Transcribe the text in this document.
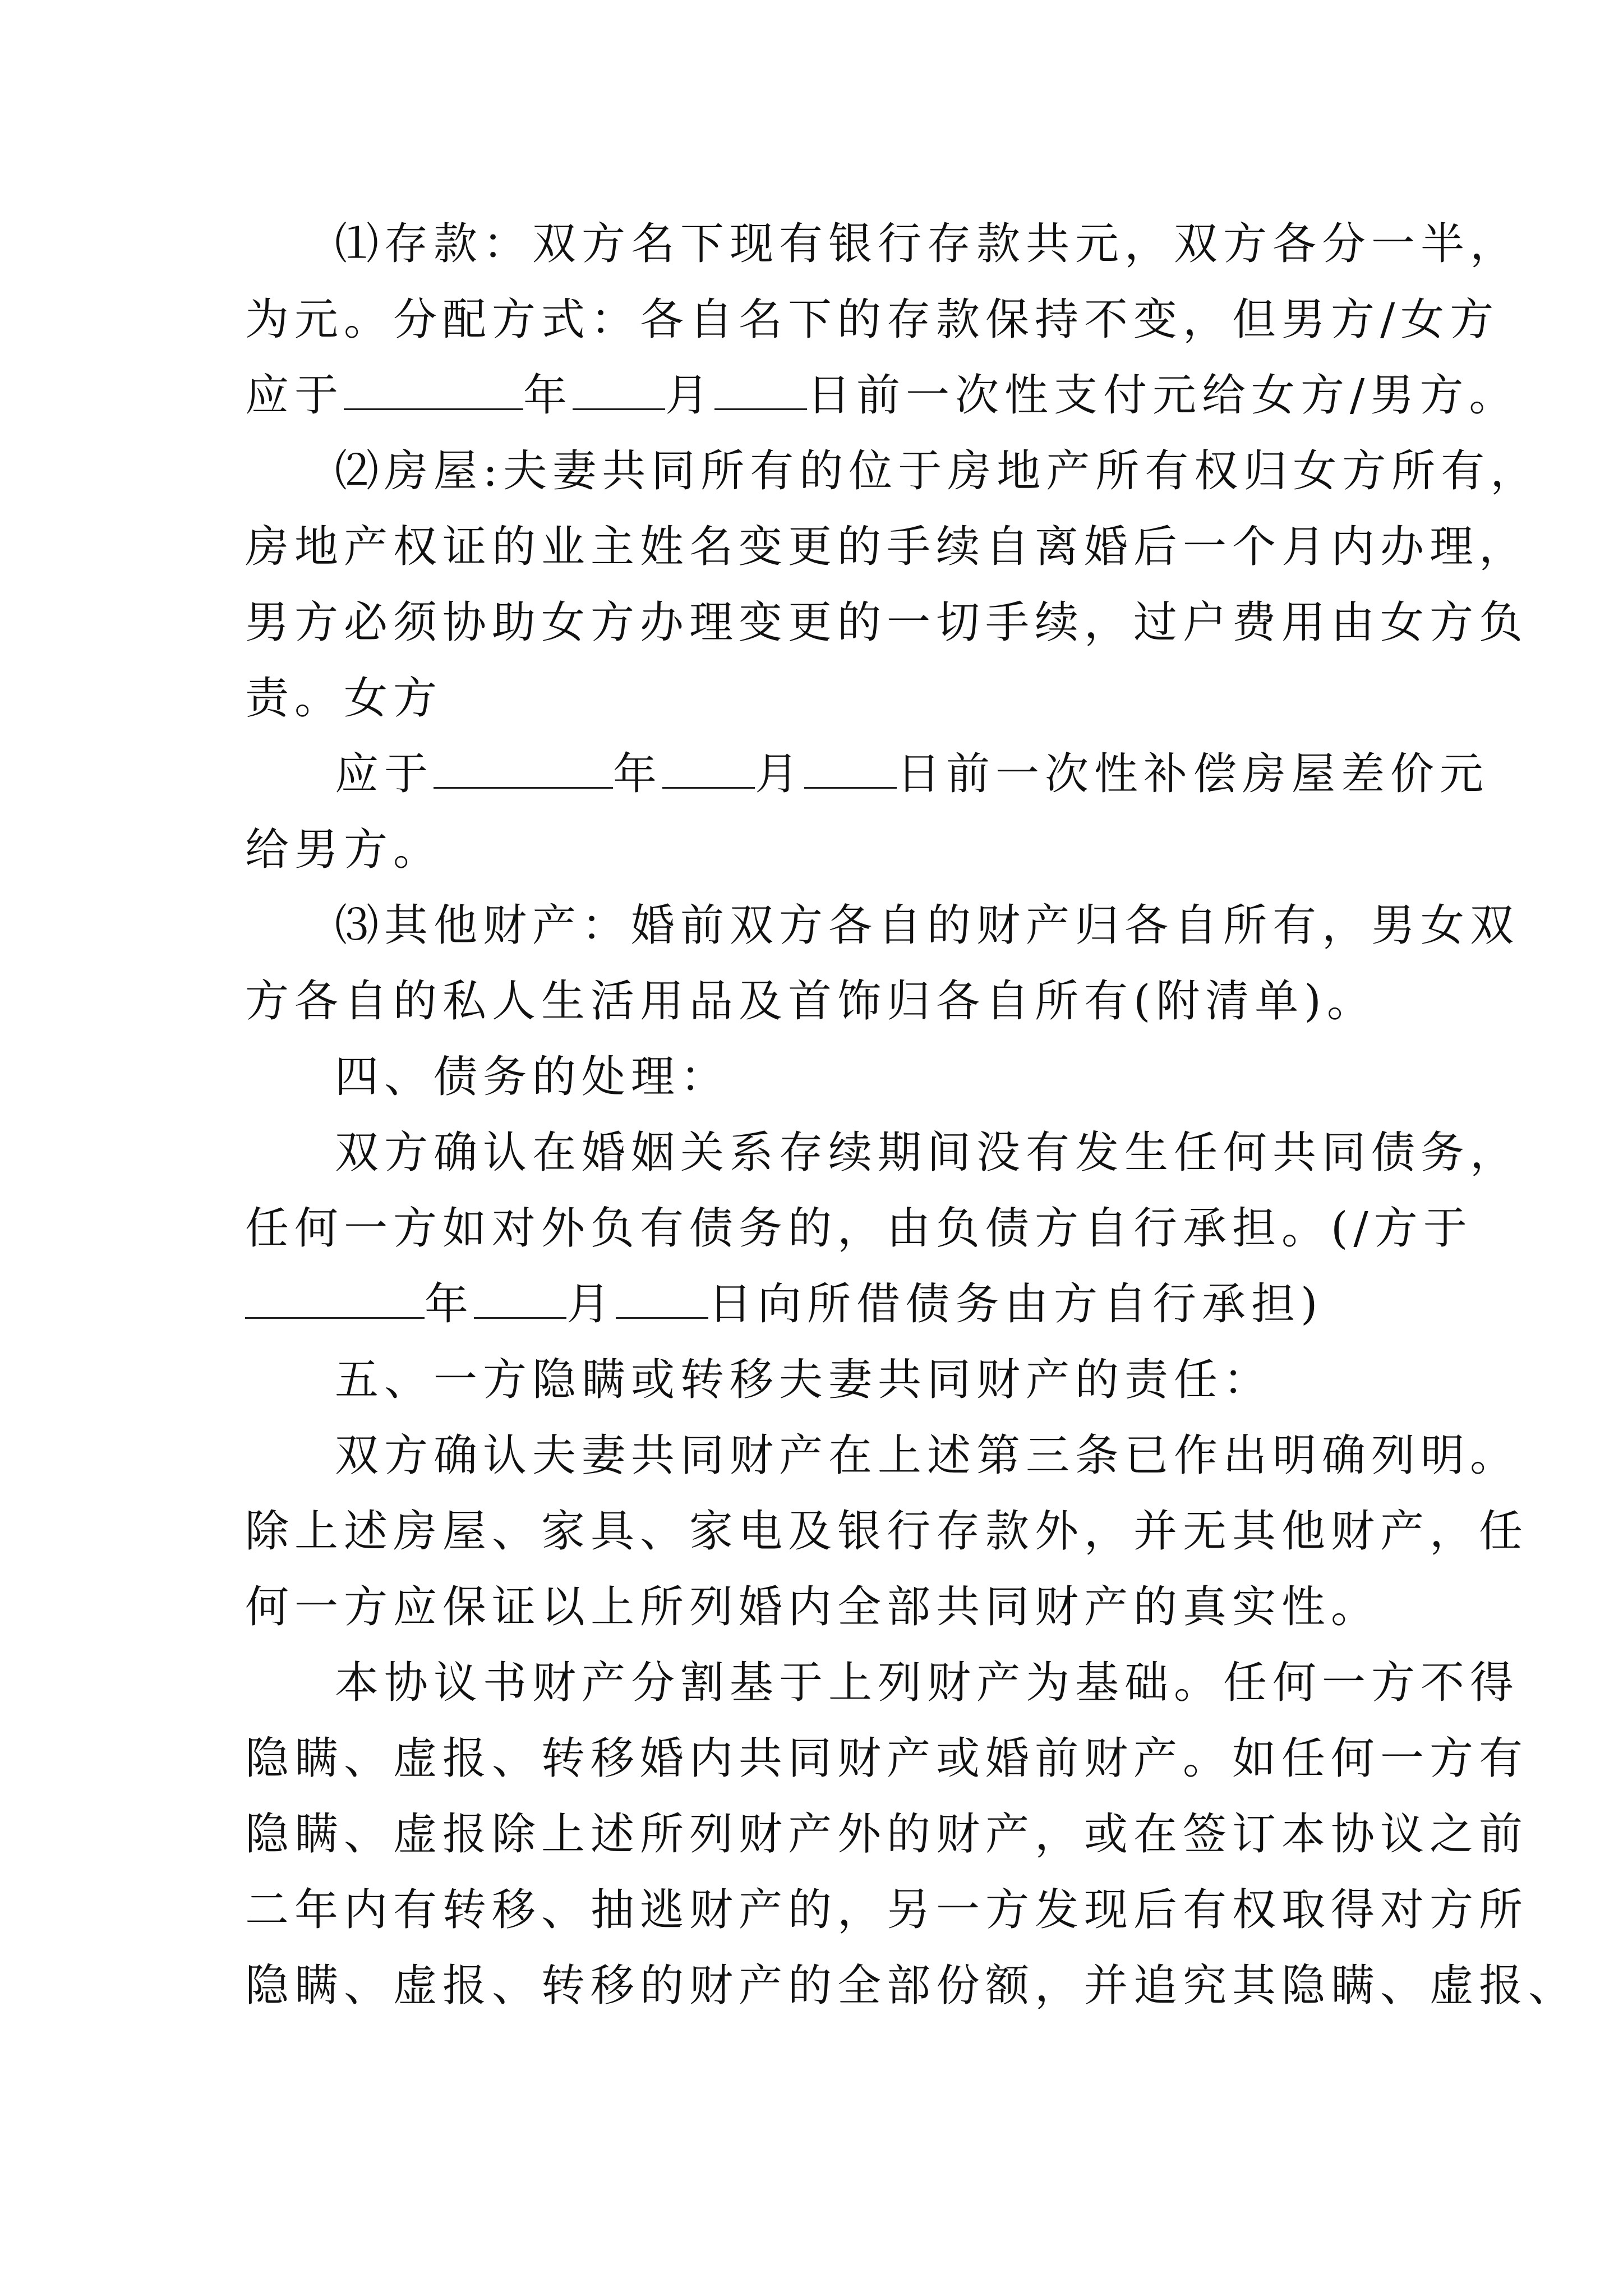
⑴存款：双方名下现有银行存款共元，双方各分一半，
为元。分配方式：各自名下的存款保持不变，但男方/女方
应于	年 月 日前一次性支付元给女方/男方。
⑵房屋:夫妻共同所有的位于房地产所有权归女方所有，
房地产权证的业主姓名变更的手续自离婚后一个月内办理，
男方必须协助女方办理变更的一切手续，过户费用由女方负
责。女方
应于	年 月 日前一次性补偿房屋差价元
给男方。
⑶其他财产：婚前双方各自的财产归各自所有，男女双
方各自的私人生活用品及首饰归各自所有(附清单)。
四、债务的处理：
双方确认在婚姻关系存续期间没有发生任何共同债务，
任何一方如对外负有债务的，由负债方自行承担。(/方于
年 月 日向所借债务由方自行承担)
五、一方隐瞒或转移夫妻共同财产的责任：
双方确认夫妻共同财产在上述第三条已作出明确列明。
除上述房屋、家具、家电及银行存款外，并无其他财产，任
何一方应保证以上所列婚内全部共同财产的真实性。
本协议书财产分割基于上列财产为基础。任何一方不得
隐瞒、虚报、转移婚内共同财产或婚前财产。如任何一方有
隐瞒、虚报除上述所列财产外的财产，或在签订本协议之前
二年内有转移、抽逃财产的，另一方发现后有权取得对方所
隐瞒、虚报、转移的财产的全部份额，并追究其隐瞒、虚报、
